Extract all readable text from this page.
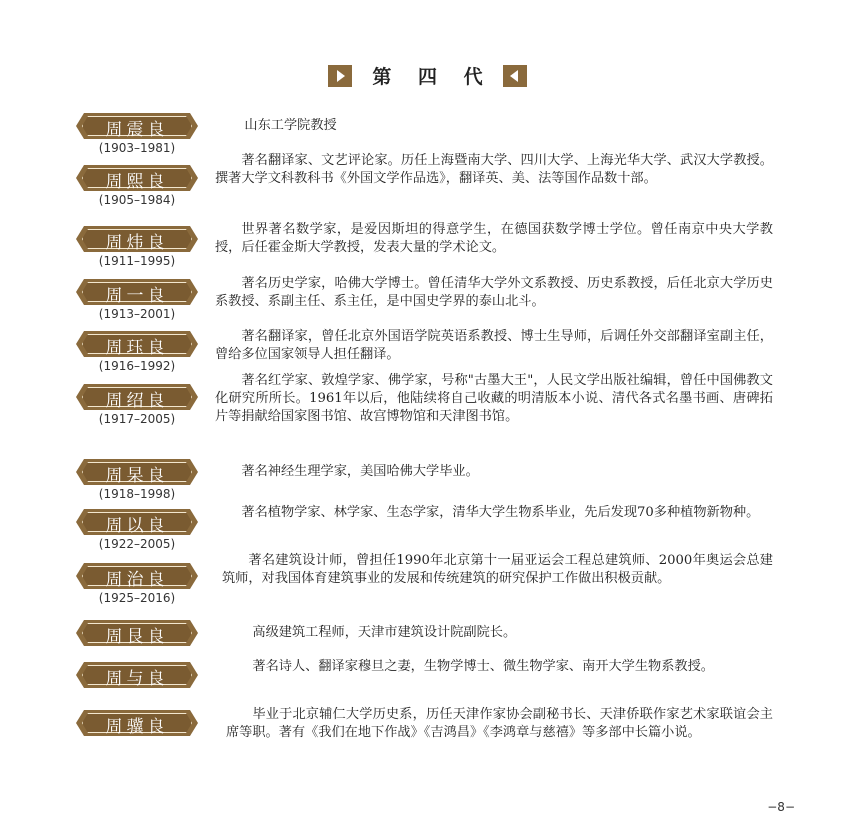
第 四 代
周震良
(1903–1981)
山东工学院教授
周熙良
(1905–1984)
著名翻译家、文艺评论家。历任上海暨南大学、四川大学、上海光华大学、武汉大学教授。撰著大学文科教科书《外国文学作品选》，翻译英、美、法等国作品数十部。
周炜良
(1911–1995)
世界著名数学家，是爱因斯坦的得意学生，在德国获数学博士学位。曾任南京中央大学教授，后任霍金斯大学教授，发表大量的学术论文。
周一良
(1913–2001)
著名历史学家，哈佛大学博士。曾任清华大学外文系教授、历史系教授，后任北京大学历史系教授、系副主任、系主任，是中国史学界的泰山北斗。
周珏良
(1916–1992)
著名翻译家，曾任北京外国语学院英语系教授、博士生导师，后调任外交部翻译室副主任，曾给多位国家领导人担任翻译。
周绍良
(1917–2005)
著名红学家、敦煌学家、佛学家，号称"古墨大王"，人民文学出版社编辑，曾任中国佛教文化研究所所长。1961年以后，他陆续将自己收藏的明清版本小说、清代各式名墨书画、唐碑拓片等捐献给国家图书馆、故宫博物馆和天津图书馆。
周杲良
(1918–1998)
著名神经生理学家，美国哈佛大学毕业。
周以良
(1922–2005)
著名植物学家、林学家、生态学家，清华大学生物系毕业，先后发现70多种植物新物种。
周治良
(1925–2016)
著名建筑设计师，曾担任1990年北京第十一届亚运会工程总建筑师、2000年奥运会总建筑师，对我国体育建筑事业的发展和传统建筑的研究保护工作做出积极贡献。
周艮良	高级建筑工程师，天津市建筑设计院副院长。
周与良
著名诗人、翻译家穆旦之妻，生物学博士、微生物学家、南开大学生物系教授。
周骥良
毕业于北京辅仁大学历史系，历任天津作家协会副秘书长、天津侨联作家艺术家联谊会主席等职。著有《我们在地下作战》《吉鸿昌》《李鸿章与慈禧》等多部中长篇小说。
−8−
